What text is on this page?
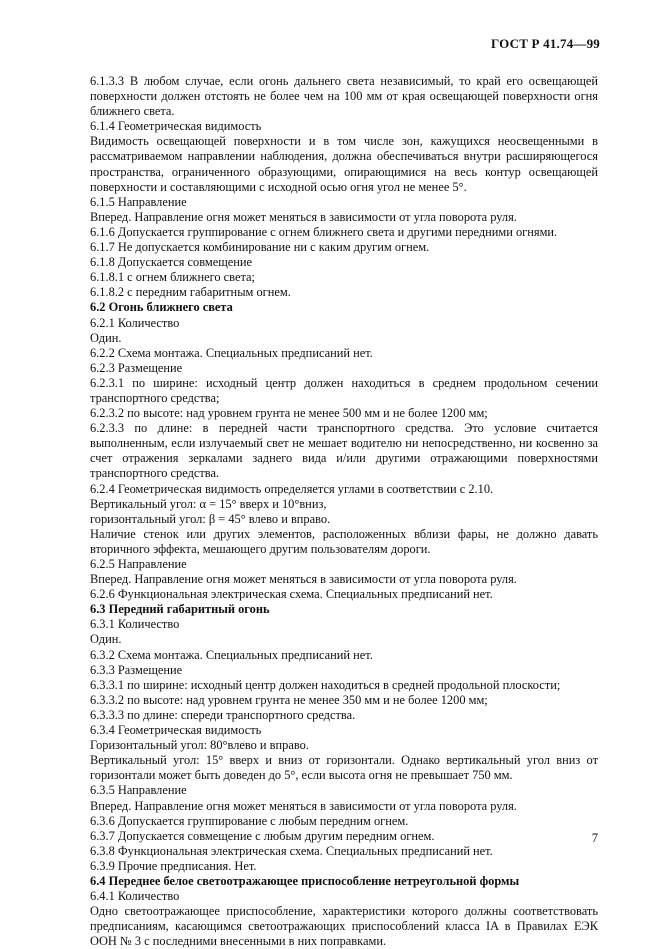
ГОСТ Р 41.74—99

6.1.3.3 В любом случае, если огонь дальнего света независимый, то край его освещающей поверхности должен отстоять не более чем на 100 мм от края освещающей поверхности огня ближнего света.

6.1.4 Геометрическая видимость

Видимость освещающей поверхности и в том числе зон, кажущихся неосвещенными в рассматриваемом направлении наблюдения, должна обеспечиваться внутри расширяющегося пространства, ограниченного образующими, опирающимися на весь контур освещающей поверхности и составляющими с исходной осью огня угол не менее 5°.

6.1.5 Направление

Вперед. Направление огня может меняться в зависимости от угла поворота руля.

6.1.6 Допускается группирование с огнем ближнего света и другими передними огнями.

6.1.7 Не допускается комбинирование ни с каким другим огнем.

6.1.8 Допускается совмещение

6.1.8.1 с огнем ближнего света;

6.1.8.2 с передним габаритным огнем.

6.2 Огонь ближнего света

6.2.1 Количество

Один.

6.2.2 Схема монтажа. Специальных предписаний нет.

6.2.3 Размещение

6.2.3.1 по ширине: исходный центр должен находиться в среднем продольном сечении транспортного средства;

6.2.3.2 по высоте: над уровнем грунта не менее 500 мм и не более 1200 мм;

6.2.3.3 по длине: в передней части транспортного средства. Это условие считается выполненным, если излучаемый свет не мешает водителю ни непосредственно, ни косвенно за счет отражения зеркалами заднего вида и/или другими отражающими поверхностями транспортного средства.

6.2.4 Геометрическая видимость определяется углами в соответствии с 2.10.

Вертикальный угол: α = 15° вверх и 10°вниз,

горизонтальный угол: β = 45° влево и вправо.

Наличие стенок или других элементов, расположенных вблизи фары, не должно давать вторичного эффекта, мешающего другим пользователям дороги.

6.2.5 Направление

Вперед. Направление огня может меняться в зависимости от угла поворота руля.

6.2.6 Функциональная электрическая схема. Специальных предписаний нет.

6.3 Передний габаритный огонь

6.3.1 Количество

Один.

6.3.2 Схема монтажа. Специальных предписаний нет.

6.3.3 Размещение

6.3.3.1 по ширине: исходный центр должен находиться в средней продольной плоскости;

6.3.3.2 по высоте: над уровнем грунта не менее 350 мм и не более 1200 мм;

6.3.3.3 по длине: спереди транспортного средства.

6.3.4 Геометрическая видимость

Горизонтальный угол: 80°влево и вправо.

Вертикальный угол: 15° вверх и вниз от горизонтали. Однако вертикальный угол вниз от горизонтали может быть доведен до 5°, если высота огня не превышает 750 мм.

6.3.5 Направление

Вперед. Направление огня может меняться в зависимости от угла поворота руля.

6.3.6 Допускается группирование с любым передним огнем.

6.3.7 Допускается совмещение с любым другим передним огнем.

6.3.8 Функциональная электрическая схема. Специальных предписаний нет.

6.3.9 Прочие предписания. Нет.

6.4 Переднее белое светоотражающее приспособление нетреугольной формы

6.4.1 Количество

Одно светоотражающее приспособление, характеристики которого должны соответствовать предписаниям, касающимся светоотражающих приспособлений класса IA в Правилах ЕЭК ООН № 3 с последними внесенными в них поправками.

7
